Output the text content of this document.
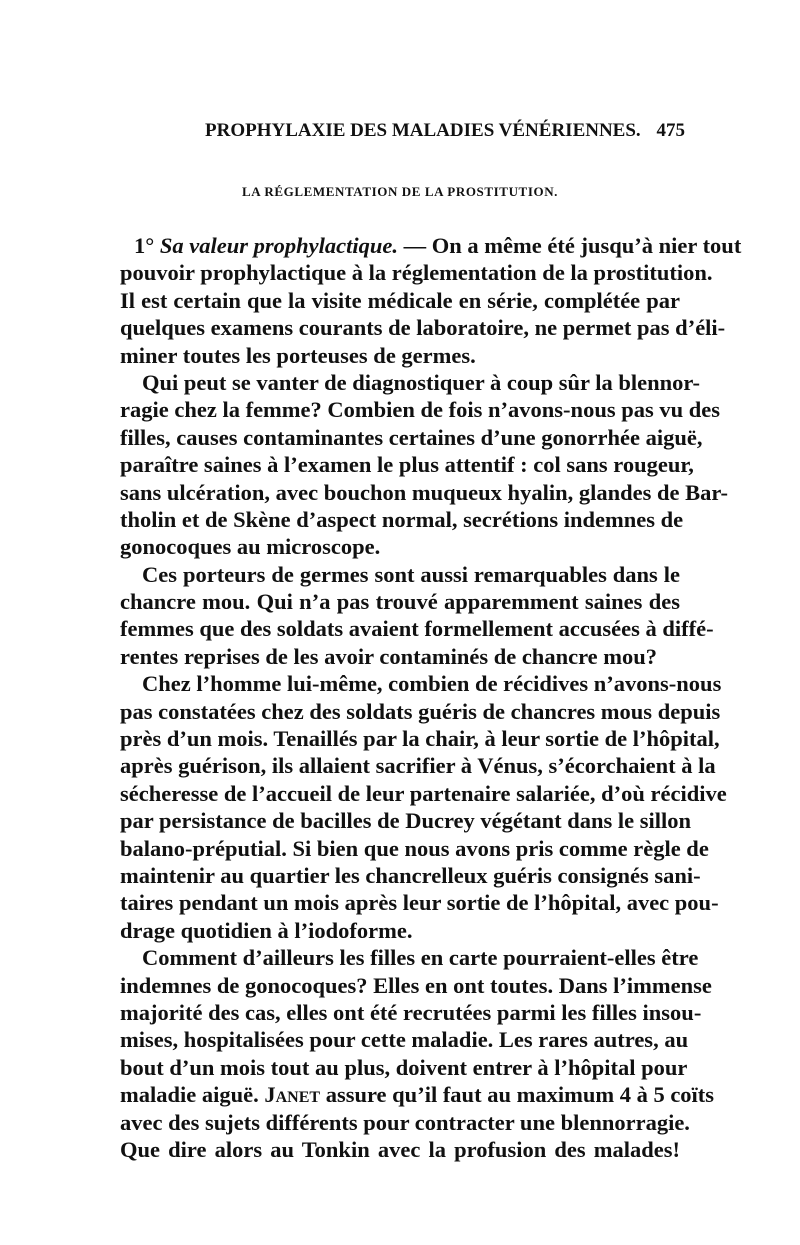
PROPHYLAXIE DES MALADIES VÉNÉRIENNES. 475
LA RÉGLEMENTATION DE LA PROSTITUTION.
1° Sa valeur prophylactique. — On a même été jusqu’à nier tout
pouvoir prophylactique à la réglementation de la prostitution.
Il est certain que la visite médicale en série, complétée par
quelques examens courants de laboratoire, ne permet pas d’éli-
miner toutes les porteuses de germes.
Qui peut se vanter de diagnostiquer à coup sûr la blennor-
ragie chez la femme? Combien de fois n’avons-nous pas vu des
filles, causes contaminantes certaines d’une gonorrhée aiguë,
paraître saines à l’examen le plus attentif : col sans rougeur,
sans ulcération, avec bouchon muqueux hyalin, glandes de Bar-
tholin et de Skène d’aspect normal, secrétions indemnes de
gonocoques au microscope.
Ces porteurs de germes sont aussi remarquables dans le
chancre mou. Qui n’a pas trouvé apparemment saines des
femmes que des soldats avaient formellement accusées à diffé-
rentes reprises de les avoir contaminés de chancre mou?
Chez l’homme lui-même, combien de récidives n’avons-nous
pas constatées chez des soldats guéris de chancres mous depuis
près d’un mois. Tenaillés par la chair, à leur sortie de l’hôpital,
après guérison, ils allaient sacrifier à Vénus, s’écorchaient à la
sécheresse de l’accueil de leur partenaire salariée, d’où récidive
par persistance de bacilles de Ducrey végétant dans le sillon
balano-préputial. Si bien que nous avons pris comme règle de
maintenir au quartier les chancrelleux guéris consignés sani-
taires pendant un mois après leur sortie de l’hôpital, avec pou-
drage quotidien à l’iodoforme.
Comment d’ailleurs les filles en carte pourraient-elles être
indemnes de gonocoques? Elles en ont toutes. Dans l’immense
majorité des cas, elles ont été recrutées parmi les filles insou-
mises, hospitalisées pour cette maladie. Les rares autres, au
bout d’un mois tout au plus, doivent entrer à l’hôpital pour
maladie aiguë. Janet assure qu’il faut au maximum 4 à 5 coïts
avec des sujets différents pour contracter une blennorragie.
Que dire alors au Tonkin avec la profusion des malades!
